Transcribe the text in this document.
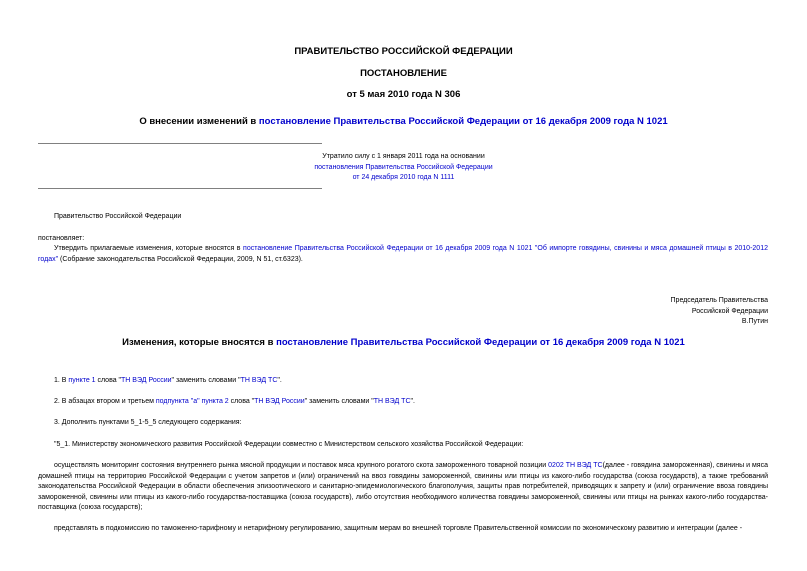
ПРАВИТЕЛЬСТВО РОССИЙСКОЙ ФЕДЕРАЦИИ
ПОСТАНОВЛЕНИЕ
от 5 мая 2010 года N 306
О внесении изменений в постановление Правительства Российской Федерации от 16 декабря 2009 года N 1021
Утратило силу с 1 января 2011 года на основании
постановления Правительства Российской Федерации
от 24 декабря 2010 года N 1111
Правительство Российской Федерации
постановляет:
Утвердить прилагаемые изменения, которые вносятся в постановление Правительства Российской Федерации от 16 декабря 2009 года N 1021 "Об импорте говядины, свинины и мяса домашней птицы в 2010-2012 годах" (Собрание законодательства Российской Федерации, 2009, N 51, ст.6323).
Председатель Правительства
Российской Федерации
В.Путин
Изменения, которые вносятся в постановление Правительства Российской Федерации от 16 декабря 2009 года N 1021
1. В пункте 1 слова "ТН ВЭД России" заменить словами "ТН ВЭД ТС".
2. В абзацах втором и третьем подпункта "а" пункта 2 слова "ТН ВЭД России" заменить словами "ТН ВЭД ТС".
3. Дополнить пунктами 5_1-5_5 следующего содержания:
"5_1. Министерству экономического развития Российской Федерации совместно с Министерством сельского хозяйства Российской Федерации:
осуществлять мониторинг состояния внутреннего рынка мясной продукции и поставок мяса крупного рогатого скота замороженного товарной позиции 0202 ТН ВЭД ТС(далее - говядина замороженная), свинины и мяса домашней птицы на территорию Российской Федерации с учетом запретов и (или) ограничений на ввоз говядины замороженной, свинины или птицы из какого-либо государства (союза государств), а также требований законодательства Российской Федерации в области обеспечения эпизоотического и санитарно-эпидемиологического благополучия, защиты прав потребителей, приводящих к запрету и (или) ограничение ввоза говядины замороженной, свинины или птицы из какого-либо государства-поставщика (союза государств), либо отсутствия необходимого количества говядины замороженной, свинины или птицы на рынках какого-либо государства-поставщика (союза государств);
представлять в подкомиссию по таможенно-тарифному и нетарифному регулированию, защитным мерам во внешней торговле Правительственной комиссии по экономическому развитию и интеграции (далее -
